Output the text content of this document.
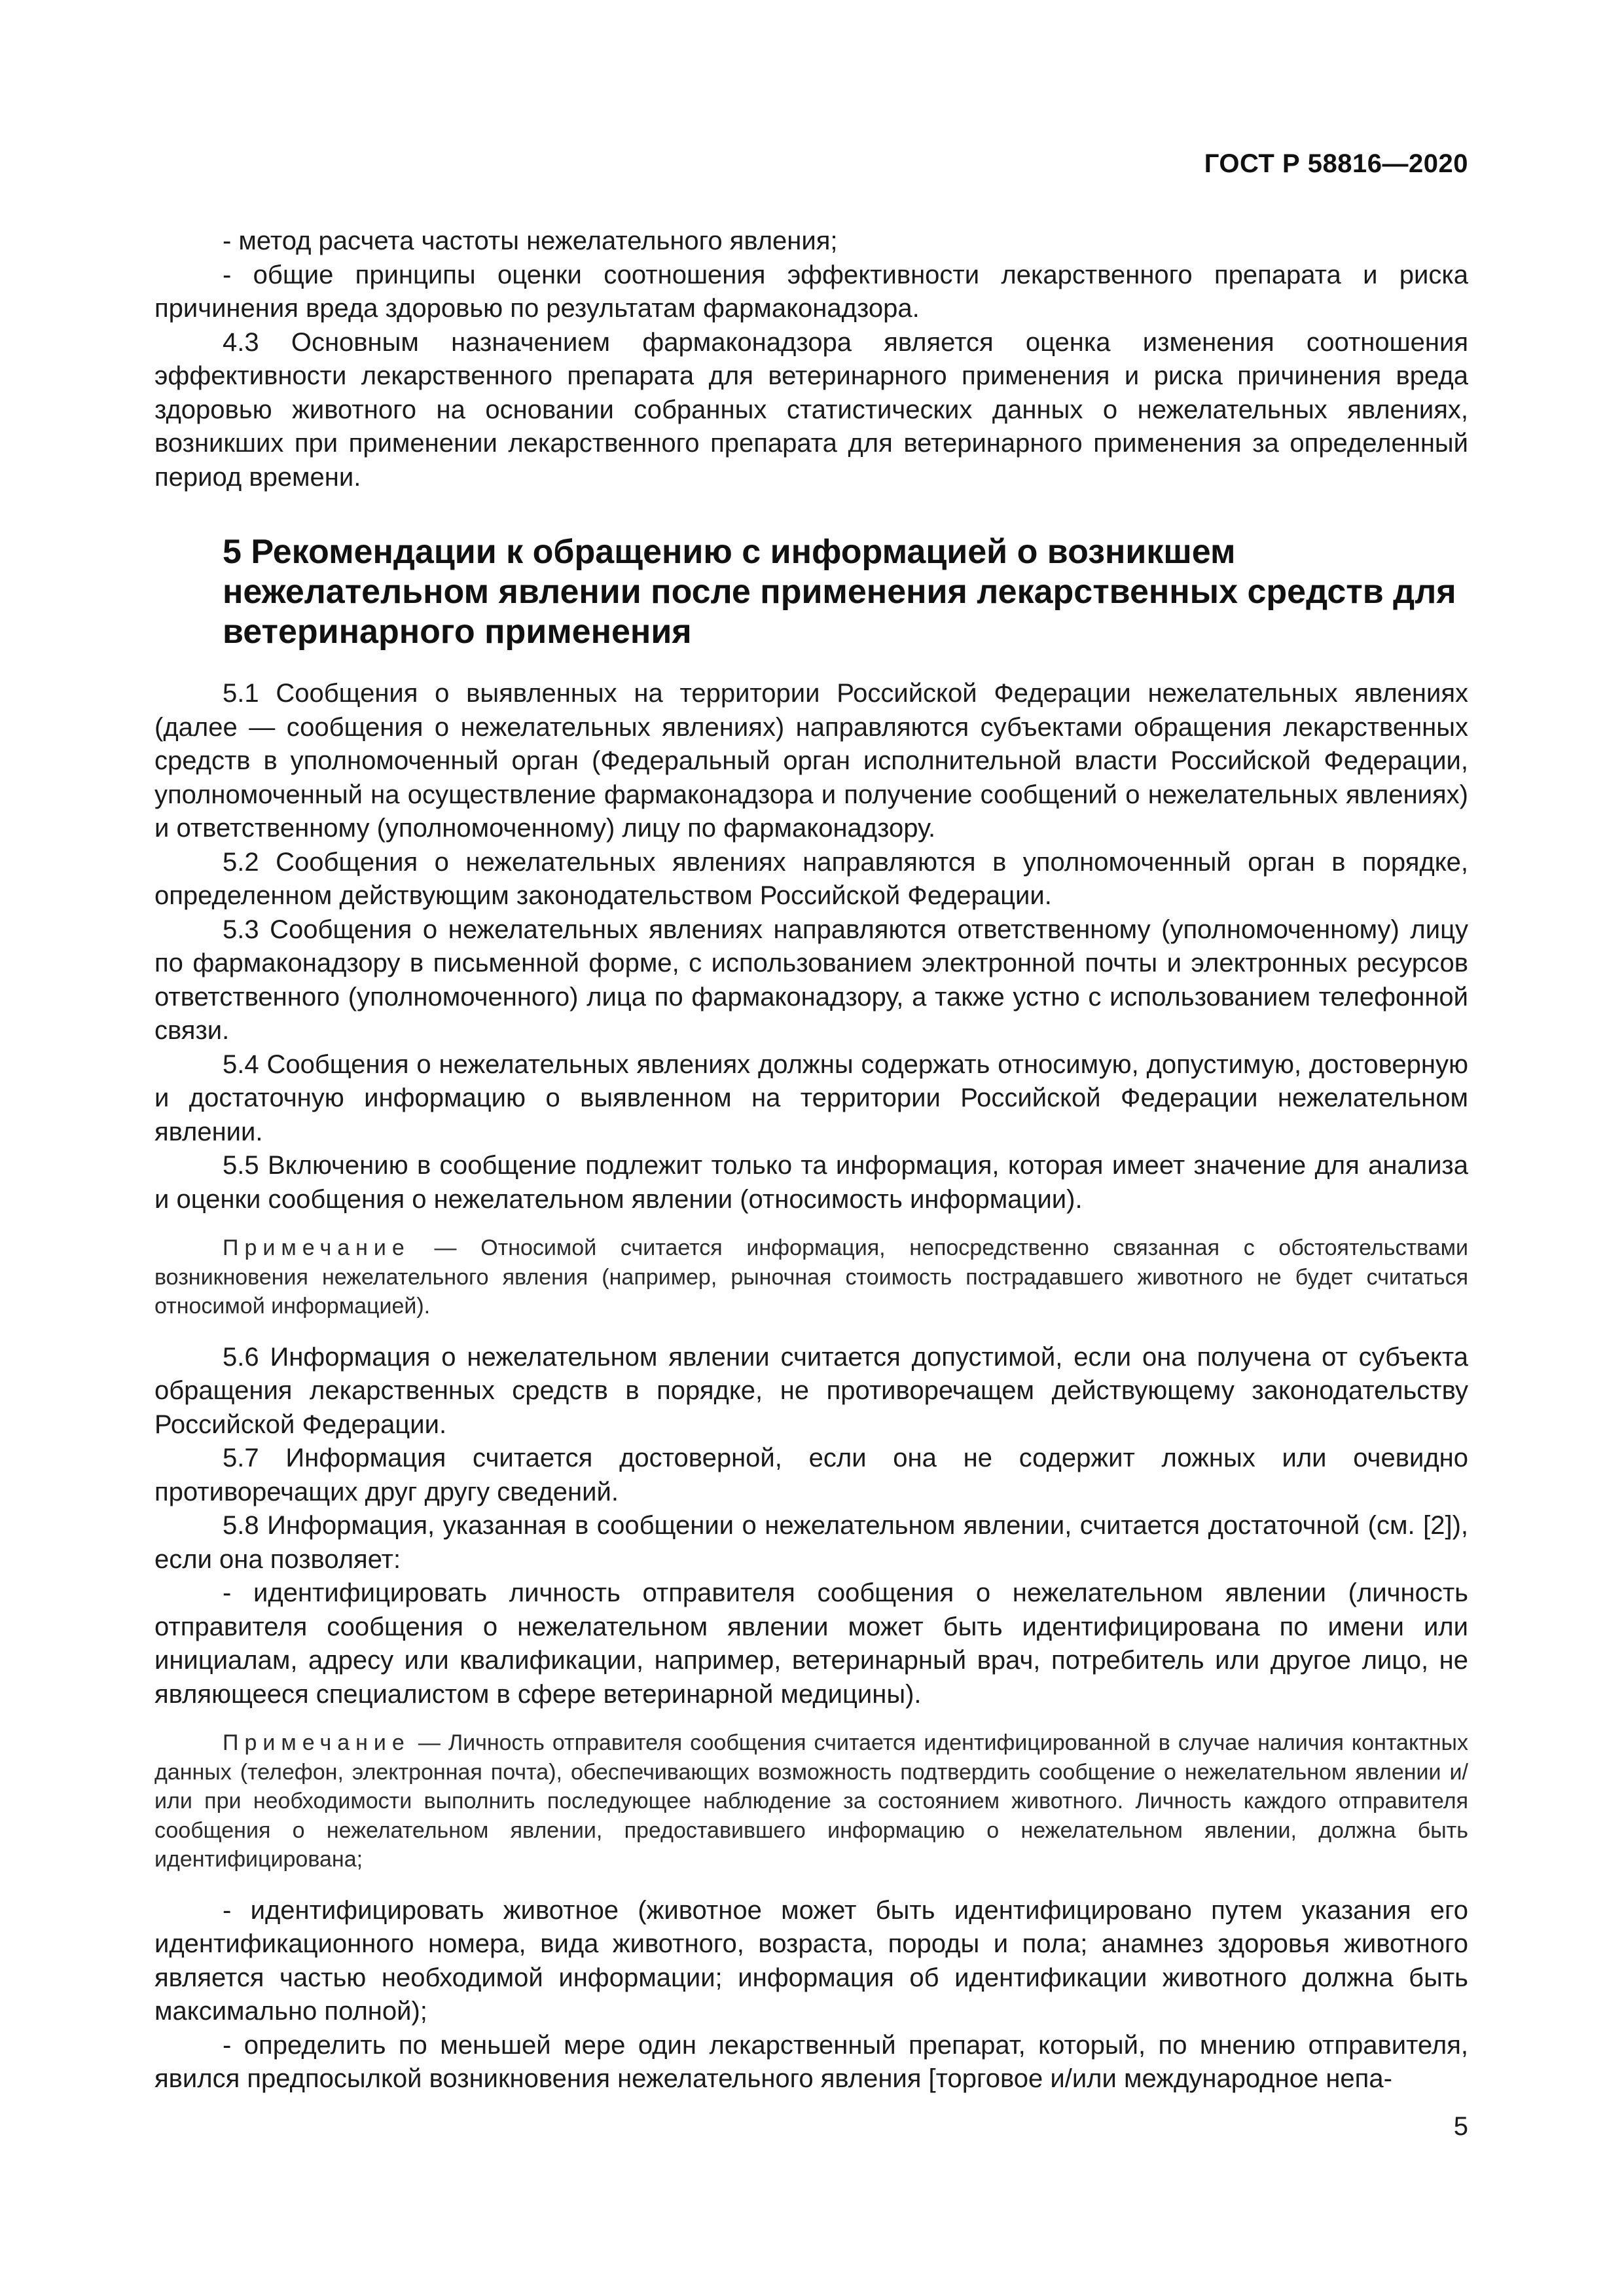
ГОСТ Р 58816—2020

- метод расчета частоты нежелательного явления;

- общие принципы оценки соотношения эффективности лекарственного препарата и риска причинения вреда здоровью по результатам фармаконадзора.

4.3 Основным назначением фармаконадзора является оценка изменения соотношения эффективности лекарственного препарата для ветеринарного применения и риска причинения вреда здоровью животного на основании собранных статистических данных о нежелательных явлениях, возникших при применении лекарственного препарата для ветеринарного применения за определенный период времени.

5 Рекомендации к обращению с информацией о возникшем нежелательном явлении после применения лекарственных средств для ветеринарного применения

5.1 Сообщения о выявленных на территории Российской Федерации нежелательных явлениях (далее — сообщения о нежелательных явлениях) направляются субъектами обращения лекарственных средств в уполномоченный орган (Федеральный орган исполнительной власти Российской Федерации, уполномоченный на осуществление фармаконадзора и получение сообщений о нежелательных явлениях) и ответственному (уполномоченному) лицу по фармаконадзору.

5.2 Сообщения о нежелательных явлениях направляются в уполномоченный орган в порядке, определенном действующим законодательством Российской Федерации.

5.3 Сообщения о нежелательных явлениях направляются ответственному (уполномоченному) лицу по фармаконадзору в письменной форме, с использованием электронной почты и электронных ресурсов ответственного (уполномоченного) лица по фармаконадзору, а также устно с использованием телефонной связи.

5.4 Сообщения о нежелательных явлениях должны содержать относимую, допустимую, достоверную и достаточную информацию о выявленном на территории Российской Федерации нежелательном явлении.

5.5 Включению в сообщение подлежит только та информация, которая имеет значение для анализа и оценки сообщения о нежелательном явлении (относимость информации).

Примечание — Относимой считается информация, непосредственно связанная с обстоятельствами возникновения нежелательного явления (например, рыночная стоимость пострадавшего животного не будет считаться относимой информацией).

5.6 Информация о нежелательном явлении считается допустимой, если она получена от субъекта обращения лекарственных средств в порядке, не противоречащем действующему законодательству Российской Федерации.

5.7 Информация считается достоверной, если она не содержит ложных или очевидно противоречащих друг другу сведений.

5.8 Информация, указанная в сообщении о нежелательном явлении, считается достаточной (см. [2]), если она позволяет:

- идентифицировать личность отправителя сообщения о нежелательном явлении (личность отправителя сообщения о нежелательном явлении может быть идентифицирована по имени или инициалам, адресу или квалификации, например, ветеринарный врач, потребитель или другое лицо, не являющееся специалистом в сфере ветеринарной медицины).

Примечание — Личность отправителя сообщения считается идентифицированной в случае наличия контактных данных (телефон, электронная почта), обеспечивающих возможность подтвердить сообщение о нежелательном явлении и/или при необходимости выполнить последующее наблюдение за состоянием животного. Личность каждого отправителя сообщения о нежелательном явлении, предоставившего информацию о нежелательном явлении, должна быть идентифицирована;

- идентифицировать животное (животное может быть идентифицировано путем указания его идентификационного номера, вида животного, возраста, породы и пола; анамнез здоровья животного является частью необходимой информации; информация об идентификации животного должна быть максимально полной);

- определить по меньшей мере один лекарственный препарат, который, по мнению отправителя, явился предпосылкой возникновения нежелательного явления [торговое и/или международное непа-

5
